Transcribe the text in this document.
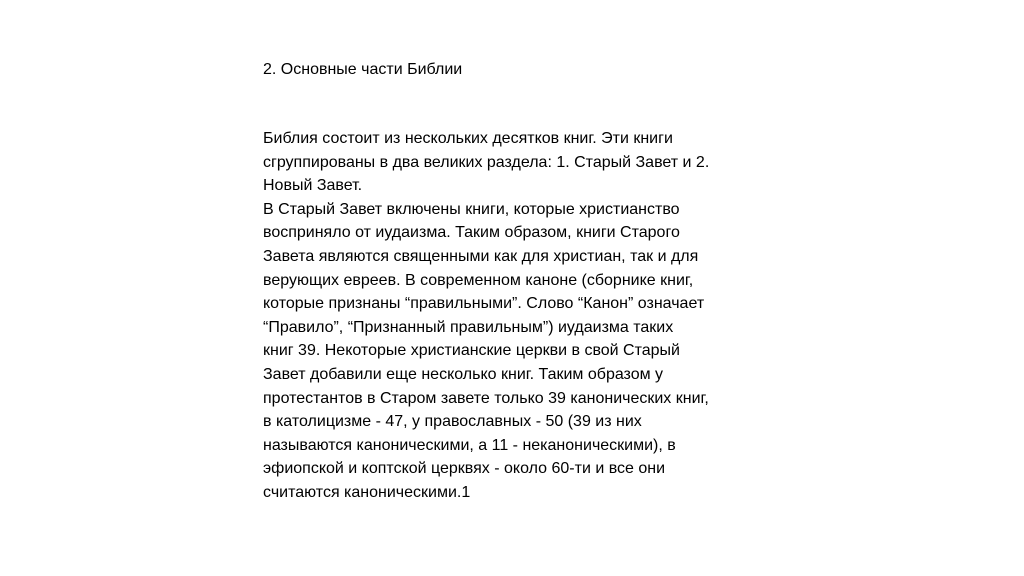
2. Основные части Библии
Библия состоит из нескольких десятков книг. Эти книги
сгруппированы в два великих раздела: 1. Старый Завет и 2.
Новый Завет.
В Старый Завет включены книги, которые христианство
восприняло от иудаизма. Таким образом, книги Старого
Завета являются священными как для христиан, так и для
верующих евреев. В современном каноне (сборнике книг,
которые признаны “правильными”. Слово “Канон” означает
“Правило”, “Признанный правильным”) иудаизма таких
книг 39. Некоторые христианские церкви в свой Старый
Завет добавили еще несколько книг. Таким образом у
протестантов в Старом завете только 39 канонических книг,
в католицизме - 47, у православных - 50 (39 из них
называются каноническими, а 11 - неканоническими), в
эфиопской и коптской церквях - около 60-ти и все они
считаются каноническими.1
